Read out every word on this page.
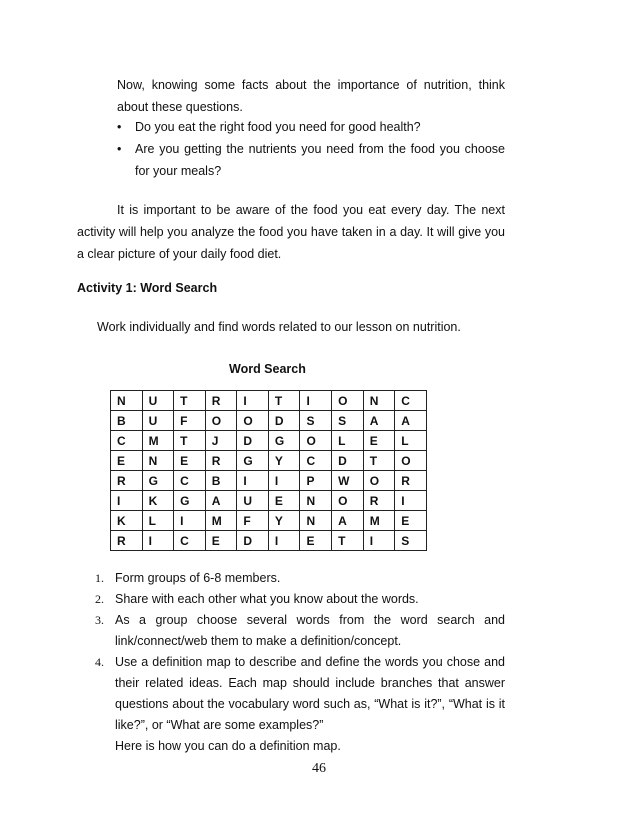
Now, knowing some facts about the importance of nutrition, think about these questions.

• Do you eat the right food you need for good health?
• Are you getting the nutrients you need from the food you choose for your meals?

It is important to be aware of the food you eat every day. The next activity will help you analyze the food you have taken in a day. It will give you a clear picture of your daily food diet.

Activity 1: Word Search

Work individually and find words related to our lesson on nutrition.

Word Search

N	U	T	R	I	T	I	O	N	C
B	U	F	O	O	D	S	S	A	A
C	M	T	J	D	G	O	L	E	L
E	N	E	R	G	Y	C	D	T	O
R	G	C	B	I	I	P	W	O	R
I	K	G	A	U	E	N	O	R	I
K	L	I	M	F	Y	N	A	M	E
R	I	C	E	D	I	E	T	I	S
1. Form groups of 6-8 members.
2. Share with each other what you know about the words.
3. As a group choose several words from the word search and link/connect/web them to make a definition/concept.
4. Use a definition map to describe and define the words you chose and their related ideas. Each map should include branches that answer questions about the vocabulary word such as, “What is it?”, “What is it like?”, or “What are some examples?”
Here is how you can do a definition map.

46
